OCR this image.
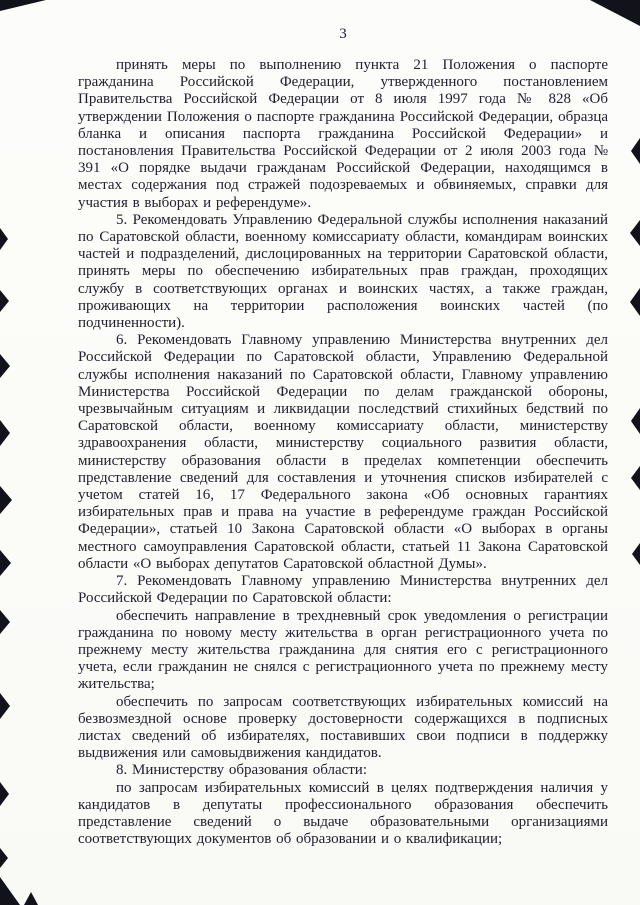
3

принять меры по выполнению пункта 21 Положения о паспорте гражданина Российской Федерации, утвержденного постановлением Правительства Российской Федерации от 8 июля 1997 года № 828 «Об утверждении Положения о паспорте гражданина Российской Федерации, образца бланка и описания паспорта гражданина Российской Федерации» и постановления Правительства Российской Федерации от 2 июля 2003 года № 391 «О порядке выдачи гражданам Российской Федерации, находящимся в местах содержания под стражей подозреваемых и обвиняемых, справки для участия в выборах и референдуме».

5. Рекомендовать Управлению Федеральной службы исполнения наказаний по Саратовской области, военному комиссариату области, командирам воинских частей и подразделений, дислоцированных на территории Саратовской области, принять меры по обеспечению избирательных прав граждан, проходящих службу в соответствующих органах и воинских частях, а также граждан, проживающих на территории расположения воинских частей (по подчиненности).

6. Рекомендовать Главному управлению Министерства внутренних дел Российской Федерации по Саратовской области, Управлению Федеральной службы исполнения наказаний по Саратовской области, Главному управлению Министерства Российской Федерации по делам гражданской обороны, чрезвычайным ситуациям и ликвидации последствий стихийных бедствий по Саратовской области, военному комиссариату области, министерству здравоохранения области, министерству социального развития области, министерству образования области в пределах компетенции обеспечить представление сведений для составления и уточнения списков избирателей с учетом статей 16, 17 Федерального закона «Об основных гарантиях избирательных прав и права на участие в референдуме граждан Российской Федерации», статьей 10 Закона Саратовской области «О выборах в органы местного самоуправления Саратовской области, статьей 11 Закона Саратовской области «О выборах депутатов Саратовской областной Думы».

7. Рекомендовать Главному управлению Министерства внутренних дел Российской Федерации по Саратовской области:

обеспечить направление в трехдневный срок уведомления о регистрации гражданина по новому месту жительства в орган регистрационного учета по прежнему месту жительства гражданина для снятия его с регистрационного учета, если гражданин не снялся с регистрационного учета по прежнему месту жительства;

обеспечить по запросам соответствующих избирательных комиссий на безвозмездной основе проверку достоверности содержащихся в подписных листах сведений об избирателях, поставивших свои подписи в поддержку выдвижения или самовыдвижения кандидатов.

8. Министерству образования области:

по запросам избирательных комиссий в целях подтверждения наличия у кандидатов в депутаты профессионального образования обеспечить представление сведений о выдаче образовательными организациями соответствующих документов об образовании и о квалификации;
